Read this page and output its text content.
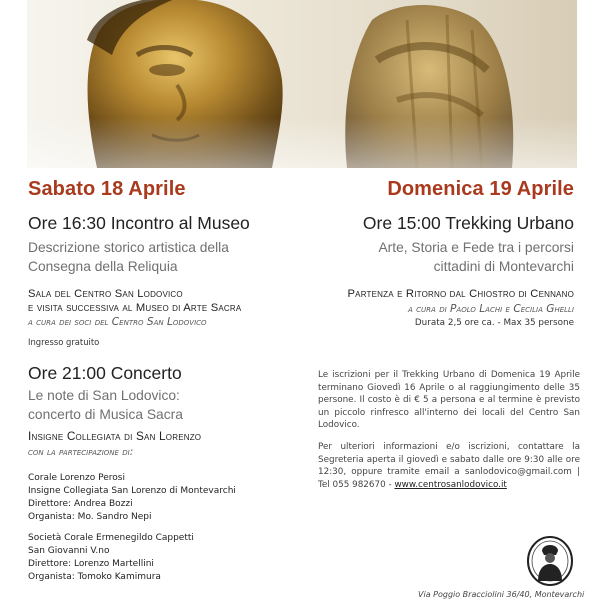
Sabato 18 Aprile
Ore 16:30 Incontro al Museo
Descrizione storico artistica della
Consegna della Reliquia
Sala del Centro San Lodovico
e visita successiva al Museo di Arte Sacra
a cura dei soci del Centro San Lodovico
Ingresso gratuito
Ore 21:00 Concerto
Le note di San Lodovico:
concerto di Musica Sacra
Insigne Collegiata di San Lorenzo
con la partecipazione di:
Corale Lorenzo Perosi
Insigne Collegiata San Lorenzo di Montevarchi
Direttore: Andrea Bozzi
Organista: Mo. Sandro Nepi
Società Corale Ermenegildo Cappetti
San Giovanni V.no
Direttore: Lorenzo Martellini
Organista: Tomoko Kamimura
Domenica 19 Aprile
Ore 15:00 Trekking Urbano
Arte, Storia e Fede tra i percorsi
cittadini di Montevarchi
Partenza e Ritorno dal Chiostro di Cennano
a cura di Paolo Lachi e Cecilia Ghelli
Durata 2,5 ore ca. - Max 35 persone

Le iscrizioni per il Trekking Urbano di Domenica 19 Aprile terminano Giovedì 16 Aprile o al raggiungimento delle 35 persone. Il costo è di € 5 a persona e al termine è previsto un piccolo rinfresco all'interno dei locali del Centro San Lodovico.

Per ulteriori informazioni e/o iscrizioni, contattare la Segreteria aperta il giovedì e sabato dalle ore 9:30 alle ore 12:30, oppure tramite email a sanlodovico@gmail.com | Tel 055 982670 - www.centrosanlodovico.it
Via Poggio Bracciolini 36/40, Montevarchi
